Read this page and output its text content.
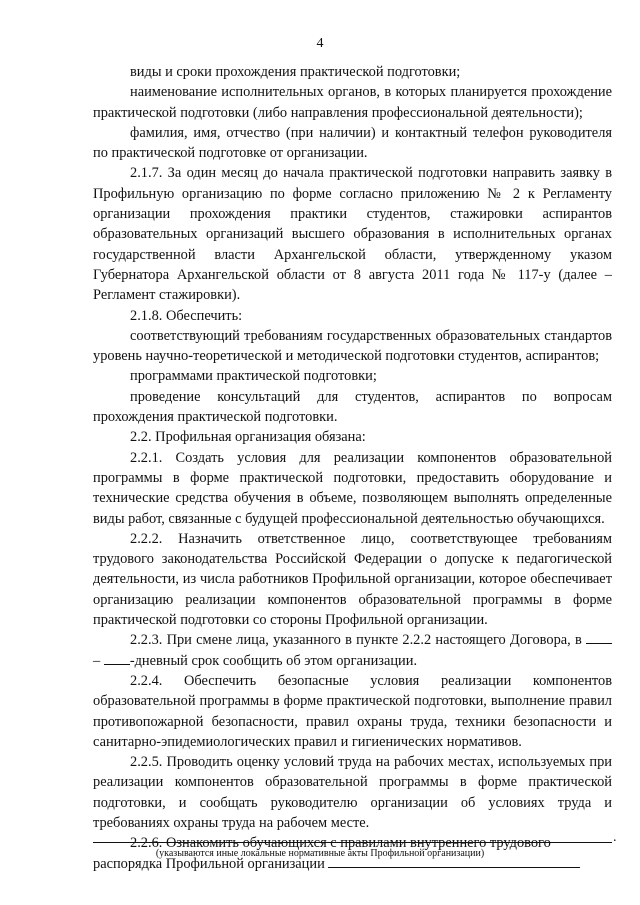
4

виды и сроки прохождения практической подготовки;

наименование исполнительных органов, в которых планируется прохождение практической подготовки (либо направления профессиональной деятельности);

фамилия, имя, отчество (при наличии) и контактный телефон руководителя по практической подготовке от организации.

2.1.7. За один месяц до начала практической подготовки направить заявку в Профильную организацию по форме согласно приложению № 2 к Регламенту организации прохождения практики студентов, стажировки аспирантов образовательных организаций высшего образования в исполнительных органах государственной власти Архангельской области, утвержденному указом Губернатора Архангельской области от 8 августа 2011 года № 117-у (далее – Регламент стажировки).

2.1.8. Обеспечить:

соответствующий требованиям государственных образовательных стандартов уровень научно-теоретической и методической подготовки студентов, аспирантов;

программами практической подготовки;

проведение консультаций для студентов, аспирантов по вопросам прохождения практической подготовки.

2.2. Профильная организация обязана:

2.2.1. Создать условия для реализации компонентов образовательной программы в форме практической подготовки, предоставить оборудование и технические средства обучения в объеме, позволяющем выполнять определенные виды работ, связанные с будущей профессиональной деятельностью обучающихся.

2.2.2. Назначить ответственное лицо, соответствующее требованиям трудового законодательства Российской Федерации о допуске к педагогической деятельности, из числа работников Профильной организации, которое обеспечивает организацию реализации компонентов образовательной программы в форме практической подготовки со стороны Профильной организации.

2.2.3. При смене лица, указанного в пункте 2.2.2 настоящего Договора, в  – -дневный срок сообщить об этом организации.

2.2.4. Обеспечить безопасные условия реализации компонентов образовательной программы в форме практической подготовки, выполнение правил противопожарной безопасности, правил охраны труда, техники безопасности и санитарно-эпидемиологических правил и гигиенических нормативов.

2.2.5. Проводить оценку условий труда на рабочих местах, используемых при реализации компонентов образовательной программы в форме практической подготовки, и сообщать руководителю организации об условиях труда и требованиях охраны труда на рабочем месте.

2.2.6. Ознакомить обучающихся с правилами внутреннего трудового распорядка Профильной организации

.
(указываются иные локальные нормативные акты Профильной организации)
